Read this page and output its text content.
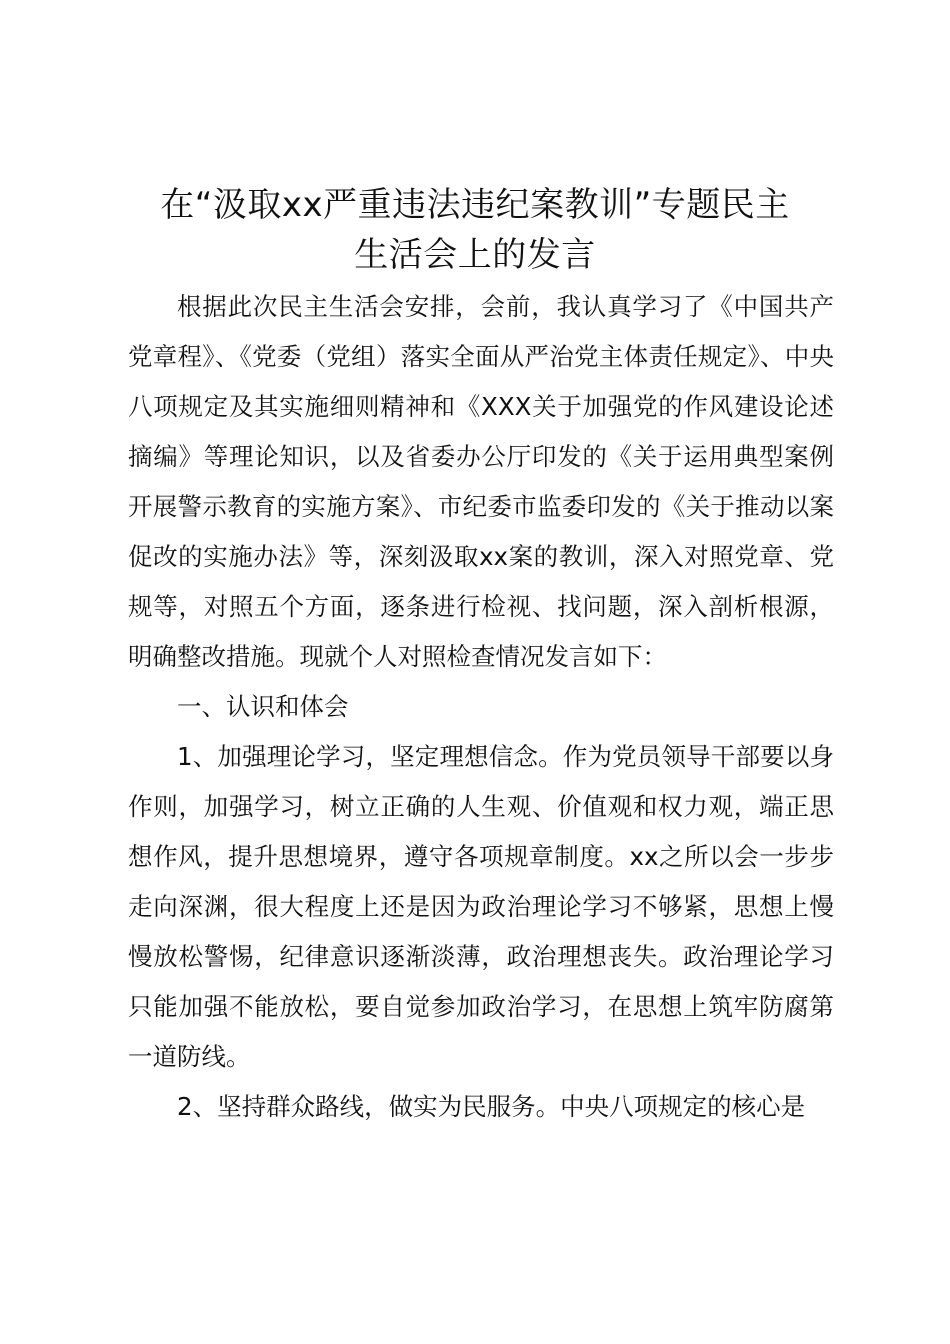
在“汲取xx严重违法违纪案教训”专题民主
生活会上的发言

根据此次民主生活会安排，会前，我认真学习了《中国共产党章程》、《党委（党组）落实全面从严治党主体责任规定》、中央八项规定及其实施细则精神和《XXX关于加强党的作风建设论述摘编》等理论知识，以及省委办公厅印发的《关于运用典型案例开展警示教育的实施方案》、市纪委市监委印发的《关于推动以案促改的实施办法》等，深刻汲取xx案的教训，深入对照党章、党规等，对照五个方面，逐条进行检视、找问题，深入剖析根源，明确整改措施。现就个人对照检查情况发言如下：

一、认识和体会

1、加强理论学习，坚定理想信念。作为党员领导干部要以身作则，加强学习，树立正确的人生观、价值观和权力观，端正思想作风，提升思想境界，遵守各项规章制度。xx之所以会一步步走向深渊，很大程度上还是因为政治理论学习不够紧，思想上慢慢放松警惕，纪律意识逐渐淡薄，政治理想丧失。政治理论学习只能加强不能放松，要自觉参加政治学习，在思想上筑牢防腐第一道防线。

2、坚持群众路线，做实为民服务。中央八项规定的核心是
